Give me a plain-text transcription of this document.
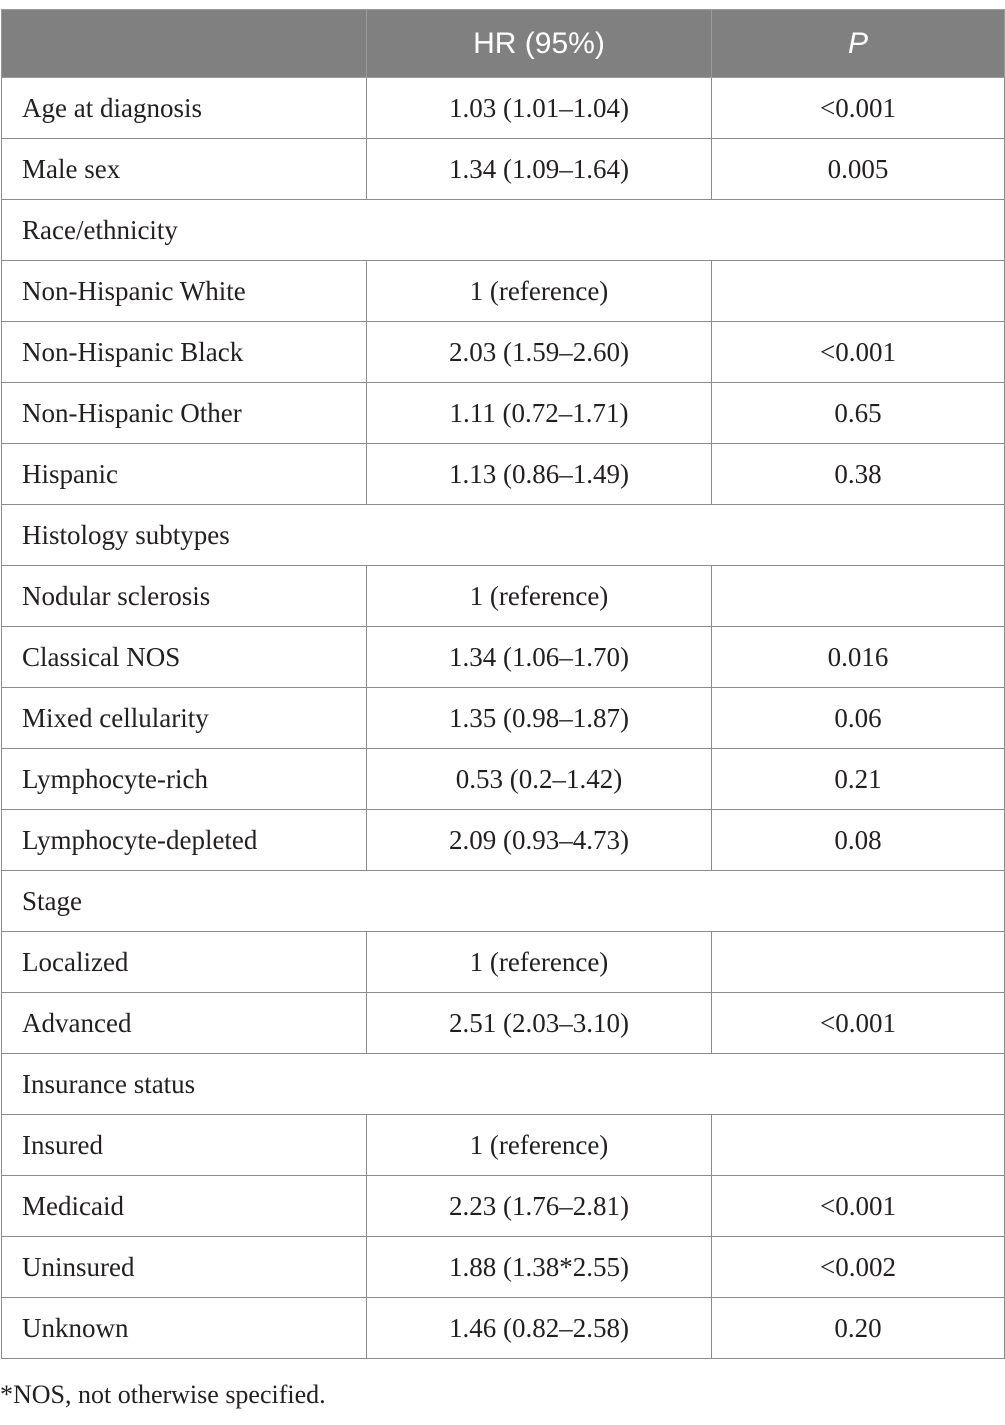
	HR (95%)	P
Age at diagnosis	1.03 (1.01–1.04)	<0.001
Male sex	1.34 (1.09–1.64)	0.005
Race/ethnicity		
Non-Hispanic White	1 (reference)	
Non-Hispanic Black	2.03 (1.59–2.60)	<0.001
Non-Hispanic Other	1.11 (0.72–1.71)	0.65
Hispanic	1.13 (0.86–1.49)	0.38
Histology subtypes		
Nodular sclerosis	1 (reference)	
Classical NOS	1.34 (1.06–1.70)	0.016
Mixed cellularity	1.35 (0.98–1.87)	0.06
Lymphocyte-rich	0.53 (0.2–1.42)	0.21
Lymphocyte-depleted	2.09 (0.93–4.73)	0.08
Stage		
Localized	1 (reference)	
Advanced	2.51 (2.03–3.10)	<0.001
Insurance status		
Insured	1 (reference)	
Medicaid	2.23 (1.76–2.81)	<0.001
Uninsured	1.88 (1.38*2.55)	<0.002
Unknown	1.46 (0.82–2.58)	0.20
*NOS, not otherwise specified.
